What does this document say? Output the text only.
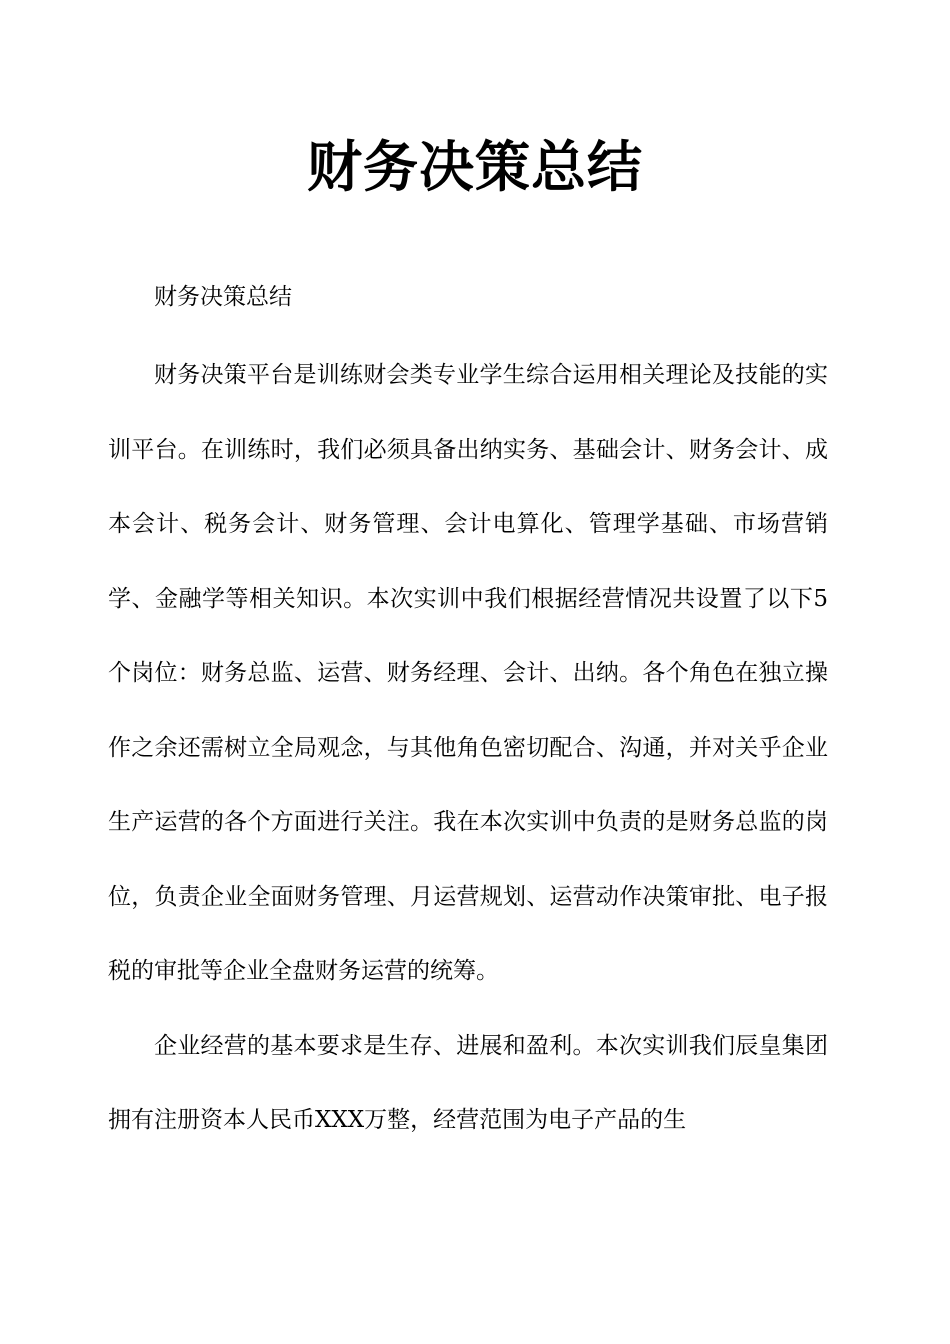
财务决策总结

财务决策总结

财务决策平台是训练财会类专业学生综合运用相关理论及技能的实训平台。在训练时，我们必须具备出纳实务、基础会计、财务会计、成本会计、税务会计、财务管理、会计电算化、管理学基础、市场营销学、金融学等相关知识。本次实训中我们根据经营情况共设置了以下5个岗位：财务总监、运营、财务经理、会计、出纳。各个角色在独立操作之余还需树立全局观念，与其他角色密切配合、沟通，并对关乎企业生产运营的各个方面进行关注。我在本次实训中负责的是财务总监的岗位，负责企业全面财务管理、月运营规划、运营动作决策审批、电子报税的审批等企业全盘财务运营的统筹。

企业经营的基本要求是生存、进展和盈利。本次实训我们辰皇集团拥有注册资本人民币XXX万整，经营范围为电子产品的生
